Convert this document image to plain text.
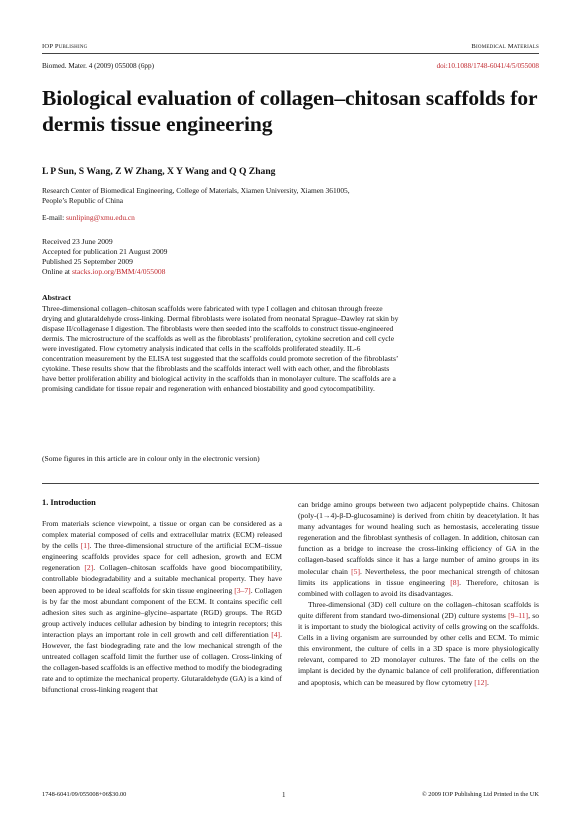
IOP Publishing	Biomedical Materials
Biomed. Mater. 4 (2009) 055008 (6pp)	doi:10.1088/1748-6041/4/5/055008
Biological evaluation of collagen–chitosan scaffolds for dermis tissue engineering
L P Sun, S Wang, Z W Zhang, X Y Wang and Q Q Zhang
Research Center of Biomedical Engineering, College of Materials, Xiamen University, Xiamen 361005,
People’s Republic of China
E-mail: sunliping@xmu.edu.cn
Received 23 June 2009
Accepted for publication 21 August 2009
Published 25 September 2009
Online at stacks.iop.org/BMM/4/055008
Abstract
Three-dimensional collagen–chitosan scaffolds were fabricated with type I collagen and chitosan through freeze drying and glutaraldehyde cross-linking. Dermal fibroblasts were isolated from neonatal Sprague–Dawley rat skin by dispase II/collagenase I digestion. The fibroblasts were then seeded into the scaffolds to construct tissue-engineered dermis. The microstructure of the scaffolds as well as the fibroblasts’ proliferation, cytokine secretion and cell cycle were investigated. Flow cytometry analysis indicated that cells in the scaffolds proliferated steadily. IL-6 concentration measurement by the ELISA test suggested that the scaffolds could promote secretion of the fibroblasts’ cytokine. These results show that the fibroblasts and the scaffolds interact well with each other, and the fibroblasts have better proliferation ability and biological activity in the scaffolds than in monolayer culture. The scaffolds are a promising candidate for tissue repair and regeneration with enhanced biostability and good cytocompatibility.
(Some figures in this article are in colour only in the electronic version)
1. Introduction

From materials science viewpoint, a tissue or organ can be considered as a complex material composed of cells and extracellular matrix (ECM) released by the cells [1]. The three-dimensional structure of the artificial ECM–tissue engineering scaffolds provides space for cell adhesion, growth and ECM regeneration [2]. Collagen–chitosan scaffolds have good biocompatibility, controllable biodegradability and a suitable mechanical property. They have been approved to be ideal scaffolds for skin tissue engineering [3–7]. Collagen is by far the most abundant component of the ECM. It contains specific cell adhesion sites such as arginine–glycine–aspartate (RGD) groups. The RGD group actively induces cellular adhesion by binding to integrin receptors; this interaction plays an important role in cell growth and cell differentiation [4]. However, the fast biodegrading rate and the low mechanical strength of the untreated collagen scaffold limit the further use of collagen. Cross-linking of the collagen-based scaffolds is an effective method to modify the biodegrading rate and to optimize the mechanical property. Glutaraldehyde (GA) is a kind of bifunctional cross-linking reagent that

can bridge amino groups between two adjacent polypeptide chains. Chitosan (poly-(1→4)-β-D-glucosamine) is derived from chitin by deacetylation. It has many advantages for wound healing such as hemostasis, accelerating tissue regeneration and the fibroblast synthesis of collagen. In addition, chitosan can function as a bridge to increase the cross-linking efficiency of GA in the collagen-based scaffolds since it has a large number of amino groups in its molecular chain [5]. Nevertheless, the poor mechanical strength of chitosan limits its applications in tissue engineering [8]. Therefore, chitosan is combined with collagen to avoid its disadvantages.

Three-dimensional (3D) cell culture on the collagen–chitosan scaffolds is quite different from standard two-dimensional (2D) culture systems [9–11], so it is important to study the biological activity of cells growing on the scaffolds. Cells in a living organism are surrounded by other cells and ECM. To mimic this environment, the culture of cells in a 3D space is more physiologically relevant, compared to 2D monolayer cultures. The fate of the cells on the implant is decided by the dynamic balance of cell proliferation, differentiation and apoptosis, which can be measured by flow cytometry [12].

1748-6041/09/055008+06$30.00	1	© 2009 IOP Publishing Ltd Printed in the UK
